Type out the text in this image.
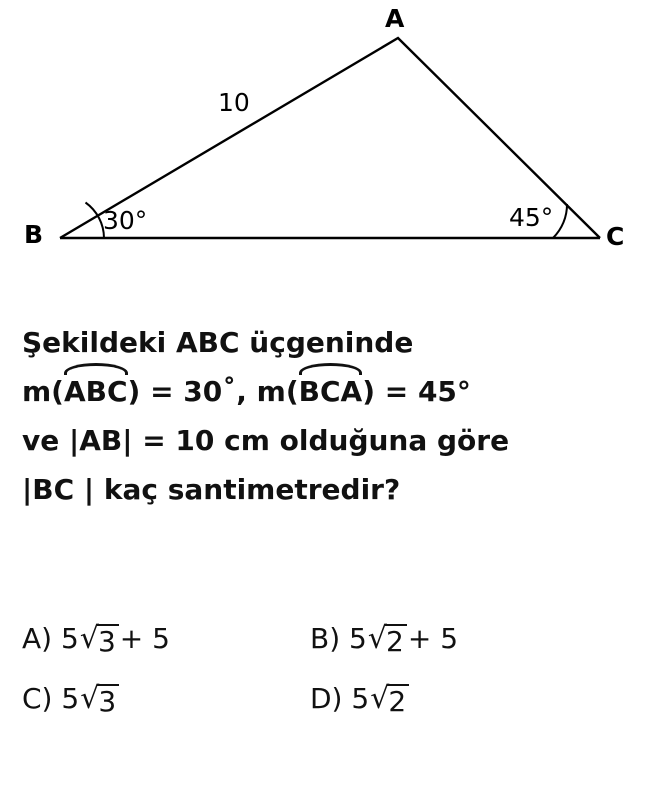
A
B	C
10
30°	45°
Şekildeki ABC üçgeninde
m(
ABC) = 30˚, m(
BCA) = 45°
ve |AB| = 10 cm olduğuna göre
|BC | kaç santimetredir?
A)
5 √ 3 + 5	B)
5 √ 2 + 5
C)
5 √ 3	D)
5 √ 2
